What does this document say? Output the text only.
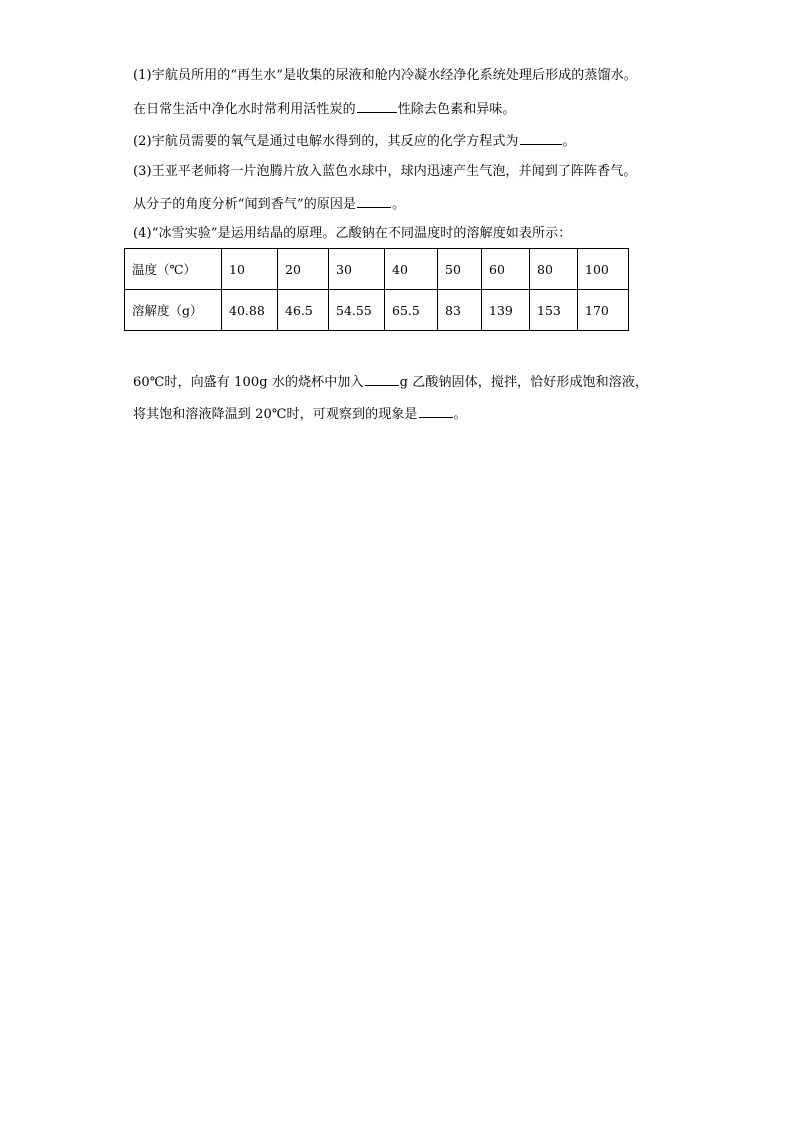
(1)宇航员所用的“再生水”是收集的尿液和舱内冷凝水经净化系统处理后形成的蒸馏水。
在日常生活中净化水时常利用活性炭的	性除去色素和异味。
(2)宇航员需要的氧气是通过电解水得到的，其反应的化学方程式为	。
(3)王亚平老师将一片泡腾片放入蓝色水球中，球内迅速产生气泡，并闻到了阵阵香气。
从分子的角度分析“闻到香气”的原因是	。
(4)“冰雪实验”是运用结晶的原理。乙酸钠在不同温度时的溶解度如表所示：
温度（℃）	10	20	30	40	50	60	80	100
溶解度（g）	40.88	46.5	54.55	65.5	83	139	153	170
60℃时，向盛有 100g 水的烧杯中加入	g 乙酸钠固体，搅拌，恰好形成饱和溶液，
将其饱和溶液降温到 20℃时，可观察到的现象是	。
